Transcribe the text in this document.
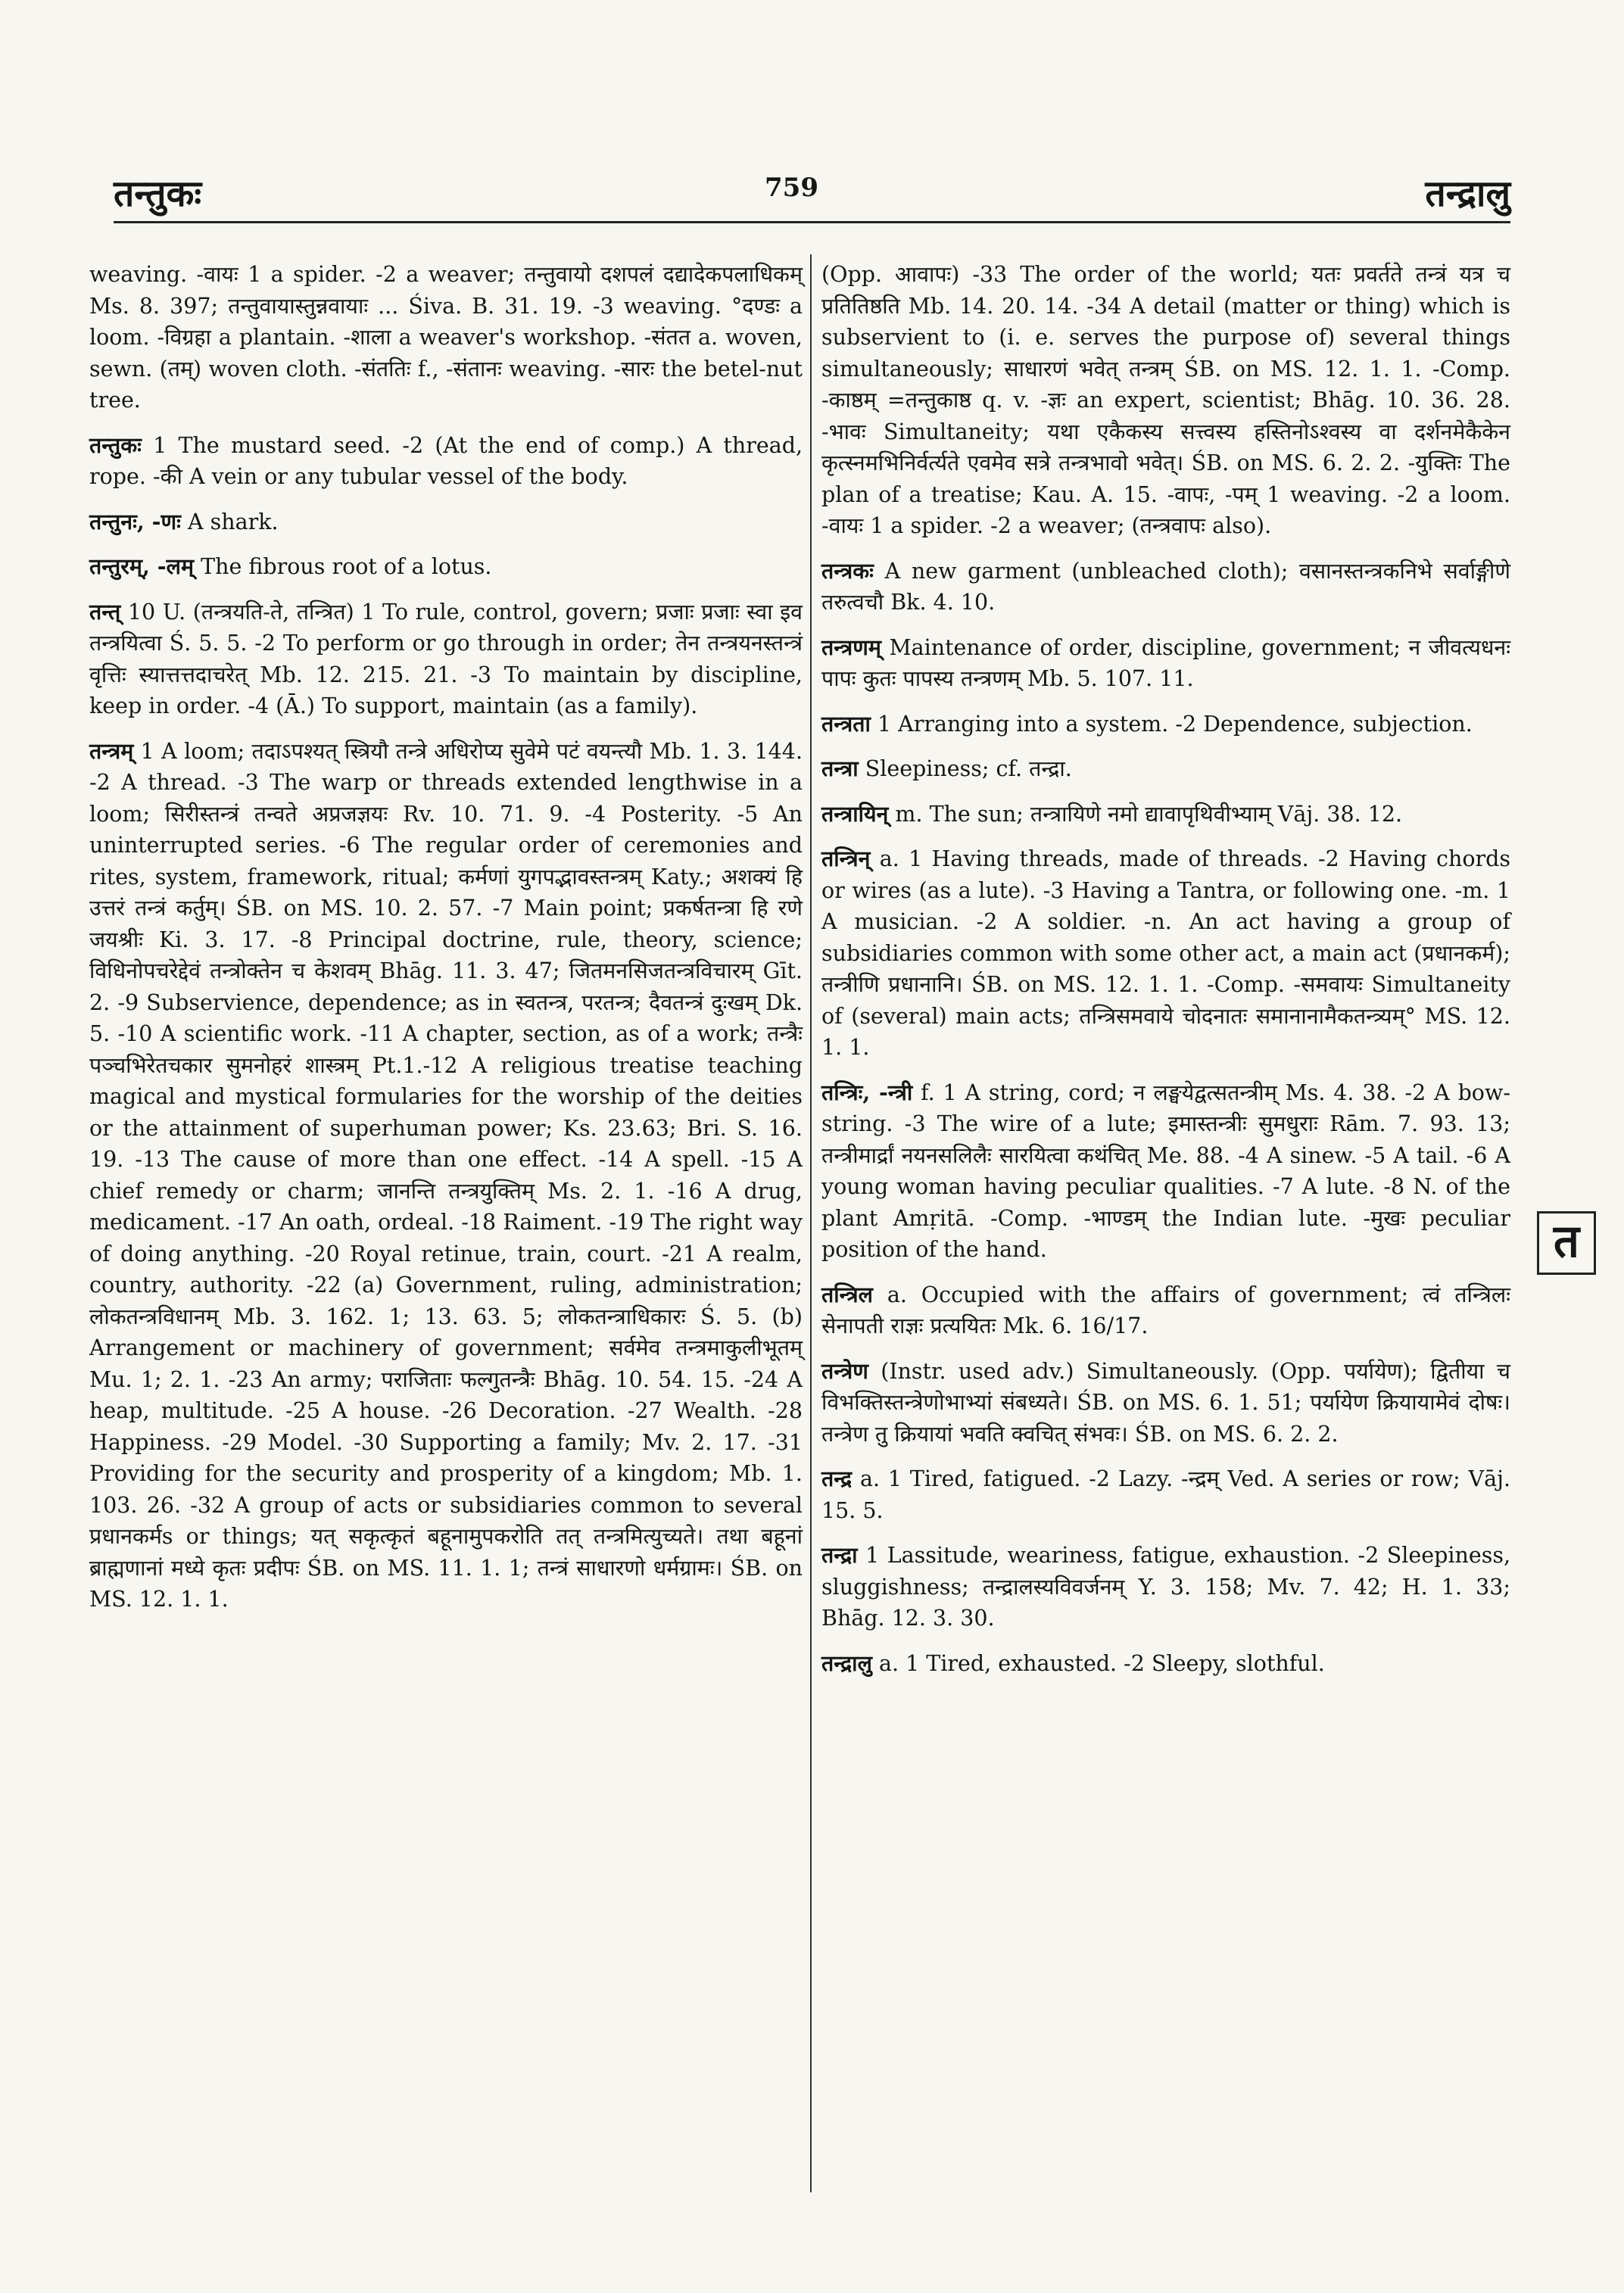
तन्तुकः	759	तन्द्रालु

weaving. -वायः 1 a spider. -2 a weaver; तन्तुवायो दशपलं दद्यादेकपलाधिकम् Ms. 8. 397; तन्तुवायास्तुन्नवायाः ... Śiva. B. 31. 19. -3 weaving. °दण्डः a loom. -विग्रहा a plantain. -शाला a weaver's workshop. -संतत a. woven, sewn. (तम्) woven cloth. -संततिः f., -संतानः weaving. -सारः the betel-nut tree.

तन्तुकः 1 The mustard seed. -2 (At the end of comp.) A thread, rope. -की A vein or any tubular vessel of the body.

तन्तुनः, -णः A shark.

तन्तुरम्, -लम् The fibrous root of a lotus.

तन्त् 10 U. (तन्त्रयति-ते, तन्त्रित) 1 To rule, control, govern; प्रजाः प्रजाः स्वा इव तन्त्रयित्वा Ś. 5. 5. -2 To perform or go through in order; तेन तन्त्रयनस्तन्त्रं वृत्तिः स्यात्तत्तदाचरेत् Mb. 12. 215. 21. -3 To maintain by discipline, keep in order. -4 (Ā.) To support, maintain (as a family).

तन्त्रम् 1 A loom; तदाऽपश्यत् स्त्रियौ तन्त्रे अधिरोप्य सुवेमे पटं वयन्त्यौ Mb. 1. 3. 144. -2 A thread. -3 The warp or threads extended lengthwise in a loom; सिरीस्तन्त्रं तन्वते अप्रजज्ञयः Rv. 10. 71. 9. -4 Posterity. -5 An uninterrupted series. -6 The regular order of ceremonies and rites, system, framework, ritual; कर्मणां युगपद्भावस्तन्त्रम् Katy.; अशक्यं हि उत्तरं तन्त्रं कर्तुम्। ŚB. on MS. 10. 2. 57. -7 Main point; प्रकर्षतन्त्रा हि रणे जयश्रीः Ki. 3. 17. -8 Principal doctrine, rule, theory, science; विधिनोपचरेद्देवं तन्त्रोक्तेन च केशवम् Bhāg. 11. 3. 47; जितमनसिजतन्त्रविचारम् Gīt. 2. -9 Subservience, dependence; as in स्वतन्त्र, परतन्त्र; दैवतन्त्रं दुःखम् Dk. 5. -10 A scientific work. -11 A chapter, section, as of a work; तन्त्रैः पञ्चभिरेतचकार सुमनोहरं शास्त्रम् Pt.1.-12 A religious treatise teaching magical and mystical formularies for the worship of the deities or the attainment of superhuman power; Ks. 23.63; Bri. S. 16. 19. -13 The cause of more than one effect. -14 A spell. -15 A chief remedy or charm; जानन्ति तन्त्रयुक्तिम् Ms. 2. 1. -16 A drug, medicament. -17 An oath, ordeal. -18 Raiment. -19 The right way of doing anything. -20 Royal retinue, train, court. -21 A realm, country, authority. -22 (a) Government, ruling, administration; लोकतन्त्रविधानम् Mb. 3. 162. 1; 13. 63. 5; लोकतन्त्राधिकारः Ś. 5. (b) Arrangement or machinery of government; सर्वमेव तन्त्रमाकुलीभूतम् Mu. 1; 2. 1. -23 An army; पराजिताः फल्गुतन्त्रैः Bhāg. 10. 54. 15. -24 A heap, multitude. -25 A house. -26 Decoration. -27 Wealth. -28 Happiness. -29 Model. -30 Supporting a family; Mv. 2. 17. -31 Providing for the security and prosperity of a kingdom; Mb. 1. 103. 26. -32 A group of acts or subsidiaries common to several प्रधानकर्मs or things; यत् सकृत्कृतं बहूनामुपकरोति तत् तन्त्रमित्युच्यते। तथा बहूनां ब्राह्मणानां मध्ये कृतः प्रदीपः ŚB. on MS. 11. 1. 1; तन्त्रं साधारणो धर्मग्रामः। ŚB. on MS. 12. 1. 1.

(Opp. आवापः) -33 The order of the world; यतः प्रवर्तते तन्त्रं यत्र च प्रतितिष्ठति Mb. 14. 20. 14. -34 A detail (matter or thing) which is subservient to (i. e. serves the purpose of) several things simultaneously; साधारणं भवेत् तन्त्रम् ŚB. on MS. 12. 1. 1. -Comp. -काष्ठम् =तन्तुकाष्ठ q. v. -ज्ञः an expert, scientist; Bhāg. 10. 36. 28. -भावः Simultaneity; यथा एकैकस्य सत्त्वस्य हस्तिनोऽश्वस्य वा दर्शनमेकैकेन कृत्स्नमभिनिर्वर्त्यते एवमेव सत्रे तन्त्रभावो भवेत्। ŚB. on MS. 6. 2. 2. -युक्तिः The plan of a treatise; Kau. A. 15. -वापः, -पम् 1 weaving. -2 a loom. -वायः 1 a spider. -2 a weaver; (तन्त्रवापः also).

तन्त्रकः A new garment (unbleached cloth); वसानस्तन्त्रकनिभे सर्वाङ्गीणे तरुत्वचौ Bk. 4. 10.

तन्त्रणम् Maintenance of order, discipline, government; न जीवत्यधनः पापः कुतः पापस्य तन्त्रणम् Mb. 5. 107. 11.

तन्त्रता 1 Arranging into a system. -2 Dependence, subjection.

तन्त्रा Sleepiness; cf. तन्द्रा.

तन्त्रायिन् m. The sun; तन्त्रायिणे नमो द्यावापृथिवीभ्याम् Vāj. 38. 12.

तन्त्रिन् a. 1 Having threads, made of threads. -2 Having chords or wires (as a lute). -3 Having a Tantra, or following one. -m. 1 A musician. -2 A soldier. -n. An act having a group of subsidiaries common with some other act, a main act (प्रधानकर्म); तन्त्रीणि प्रधानानि। ŚB. on MS. 12. 1. 1. -Comp. -समवायः Simultaneity of (several) main acts; तन्त्रिसमवाये चोदनातः समानानामैकतन्त्र्यम्° MS. 12. 1. 1.

तन्त्रिः, -न्त्री f. 1 A string, cord; न लङ्घयेद्वत्सतन्त्रीम् Ms. 4. 38. -2 A bow-string. -3 The wire of a lute; इमास्तन्त्रीः सुमधुराः Rām. 7. 93. 13; तन्त्रीमार्द्रां नयनसलिलैः सारयित्वा कथंचित् Me. 88. -4 A sinew. -5 A tail. -6 A young woman having peculiar qualities. -7 A lute. -8 N. of the plant Amṛitā. -Comp. -भाण्डम् the Indian lute. -मुखः peculiar position of the hand.

तन्त्रिल a. Occupied with the affairs of government; त्वं तन्त्रिलः सेनापती राज्ञः प्रत्ययितः Mk. 6. 16/17.

तन्त्रेण (Instr. used adv.) Simultaneously. (Opp. पर्यायेण); द्वितीया च विभक्तिस्तन्त्रेणोभाभ्यां संबध्यते। ŚB. on MS. 6. 1. 51; पर्यायेण क्रियायामेवं दोषः। तन्त्रेण तु क्रियायां भवति क्वचित् संभवः। ŚB. on MS. 6. 2. 2.

तन्द्र a. 1 Tired, fatigued. -2 Lazy. -न्द्रम् Ved. A series or row; Vāj. 15. 5.

तन्द्रा 1 Lassitude, weariness, fatigue, exhaustion. -2 Sleepiness, sluggishness; तन्द्रालस्यविवर्जनम् Y. 3. 158; Mv. 7. 42; H. 1. 33; Bhāg. 12. 3. 30.

तन्द्रालु a. 1 Tired, exhausted. -2 Sleepy, slothful.

त
